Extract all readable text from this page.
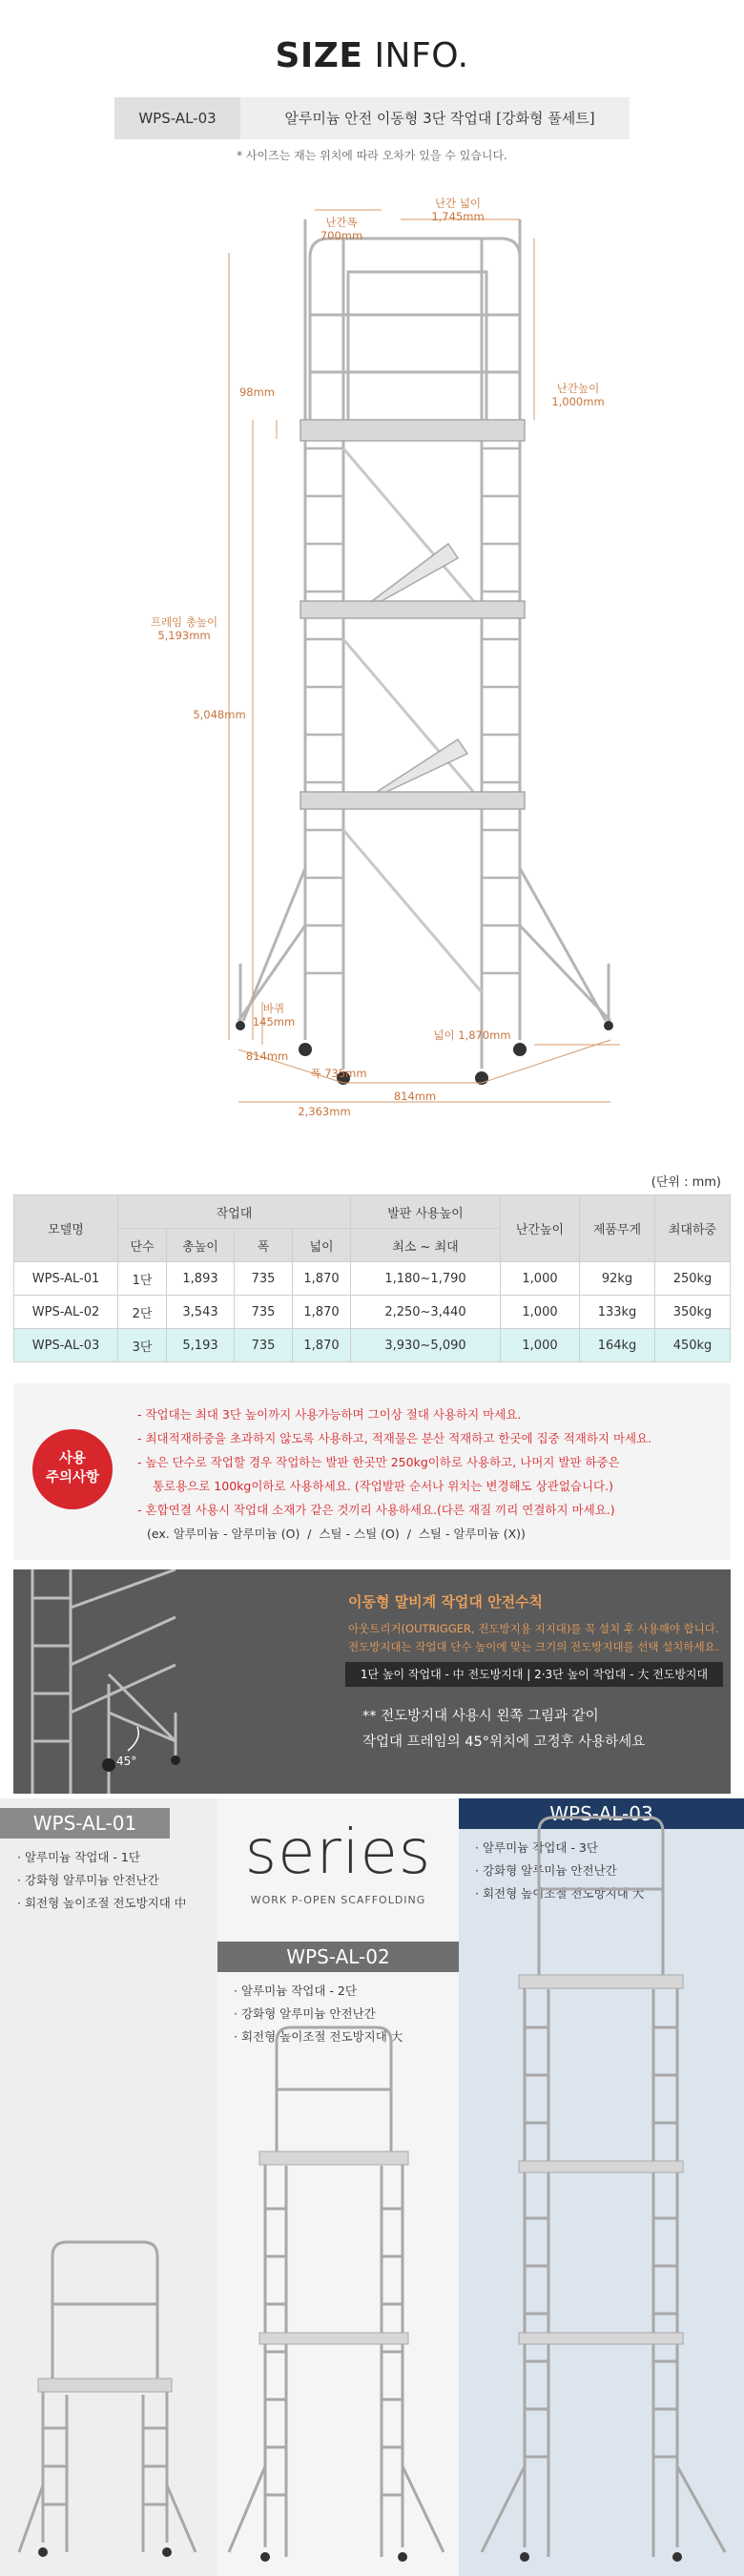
SIZE INFO.
WPS-AL-03	알루미늄 안전 이동형 3단 작업대 [강화형 풀세트]
* 사이즈는 재는 위치에 따라 오차가 있을 수 있습니다.
난간폭
700mm
난간 넓이
1,745mm
난간높이
1,000mm
98mm
프레임 총높이
5,193mm
5,048mm
바퀴
145mm
폭 735mm
넓이 1,870mm
814mm
814mm
2,363mm
(단위 : mm)
모델명	작업대				발판 사용높이	난간높이	제품무게	최대하중
	단수	총높이	폭	넓이	최소 ~ 최대			
WPS-AL-01	1단	1,893	735	1,870	1,180~1,790	1,000	92kg	250kg
WPS-AL-02	2단	3,543	735	1,870	2,250~3,440	1,000	133kg	350kg
WPS-AL-03	3단	5,193	735	1,870	3,930~5,090	1,000	164kg	450kg
사용
주의사항
- 작업대는 최대 3단 높이까지 사용가능하며 그이상 절대 사용하지 마세요.
- 최대적재하중을 초과하지 않도록 사용하고, 적재물은 분산 적재하고 한곳에 집중 적재하지 마세요.
- 높은 단수로 작업할 경우 작업하는 발판 한곳만 250kg이하로 사용하고, 나머지 발판 하중은
통로용으로 100kg이하로 사용하세요. (작업발판 순서나 위치는 변경해도 상관없습니다.)
- 혼합연결 사용시 작업대 소재가 같은 것끼리 사용하세요.(다른 재질 끼리 연결하지 마세요.)
(ex. 알루미늄 - 알루미늄 (O)  /  스틸 - 스틸 (O)  /  스틸 - 알루미늄 (X))
45°
이동형 말비계 작업대 안전수칙
아웃트리거(OUTRIGGER, 전도방지용 지지대)를 꼭 설치 후 사용해야 합니다.
전도방지대는 작업대 단수 높이에 맞는 크기의 전도방지대를 선택 설치하세요.
1단 높이 작업대 - 中 전도방지대 | 2·3단 높이 작업대 - 大 전도방지대
** 전도방지대 사용시 왼쪽 그림과 같이
작업대 프레임의 45°위치에 고정후 사용하세요
WPS-AL-01
· 알루미늄 작업대 - 1단
· 강화형 알루미늄 안전난간
· 회전형 높이조절 전도방지대 中
series
WORK P-OPEN SCAFFOLDING
WPS-AL-02
· 알루미늄 작업대 - 2단
· 강화형 알루미늄 안전난간
· 회전형 높이조절 전도방지대 大
WPS-AL-03
· 알루미늄 작업대 - 3단
· 강화형 알루미늄 안전난간
· 회전형 높이조절 전도방지대 大
